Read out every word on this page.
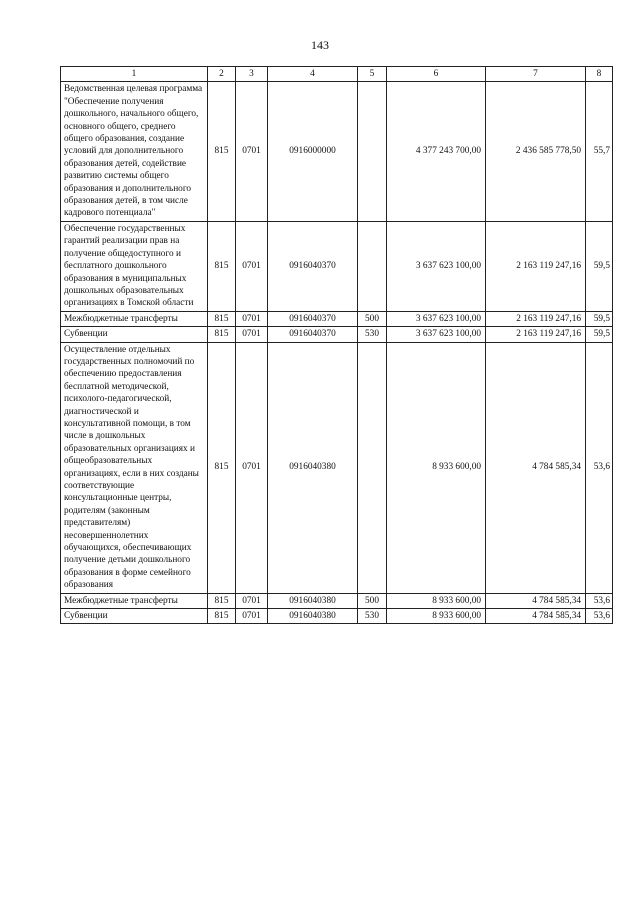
143
1	2	3	4	5	6	7	8
Ведомственная целевая программа "Обеспечение получения дошкольного, начального общего, основного общего, среднего общего образования, создание условий для дополнительного образования детей, содействие развитию системы общего образования и дополнительного образования детей, в том числе кадрового потенциала"	815	0701	0916000000		4 377 243 700,00	2 436 585 778,50	55,7
Обеспечение государственных гарантий реализации прав на получение общедоступного и бесплатного дошкольного образования в муниципальных дошкольных образовательных организациях в Томской области	815	0701	0916040370		3 637 623 100,00	2 163 119 247,16	59,5
Межбюджетные трансферты	815	0701	0916040370	500	3 637 623 100,00	2 163 119 247,16	59,5
Субвенции	815	0701	0916040370	530	3 637 623 100,00	2 163 119 247,16	59,5
Осуществление отдельных государственных полномочий по обеспечению предоставления бесплатной методической, психолого-педагогической, диагностической и консультативной помощи, в том числе в дошкольных образовательных организациях и общеобразовательных организациях, если в них созданы соответствующие консультационные центры, родителям (законным представителям) несовершеннолетних обучающихся, обеспечивающих получение детьми дошкольного образования в форме семейного образования	815	0701	0916040380		8 933 600,00	4 784 585,34	53,6
Межбюджетные трансферты	815	0701	0916040380	500	8 933 600,00	4 784 585,34	53,6
Субвенции	815	0701	0916040380	530	8 933 600,00	4 784 585,34	53,6
